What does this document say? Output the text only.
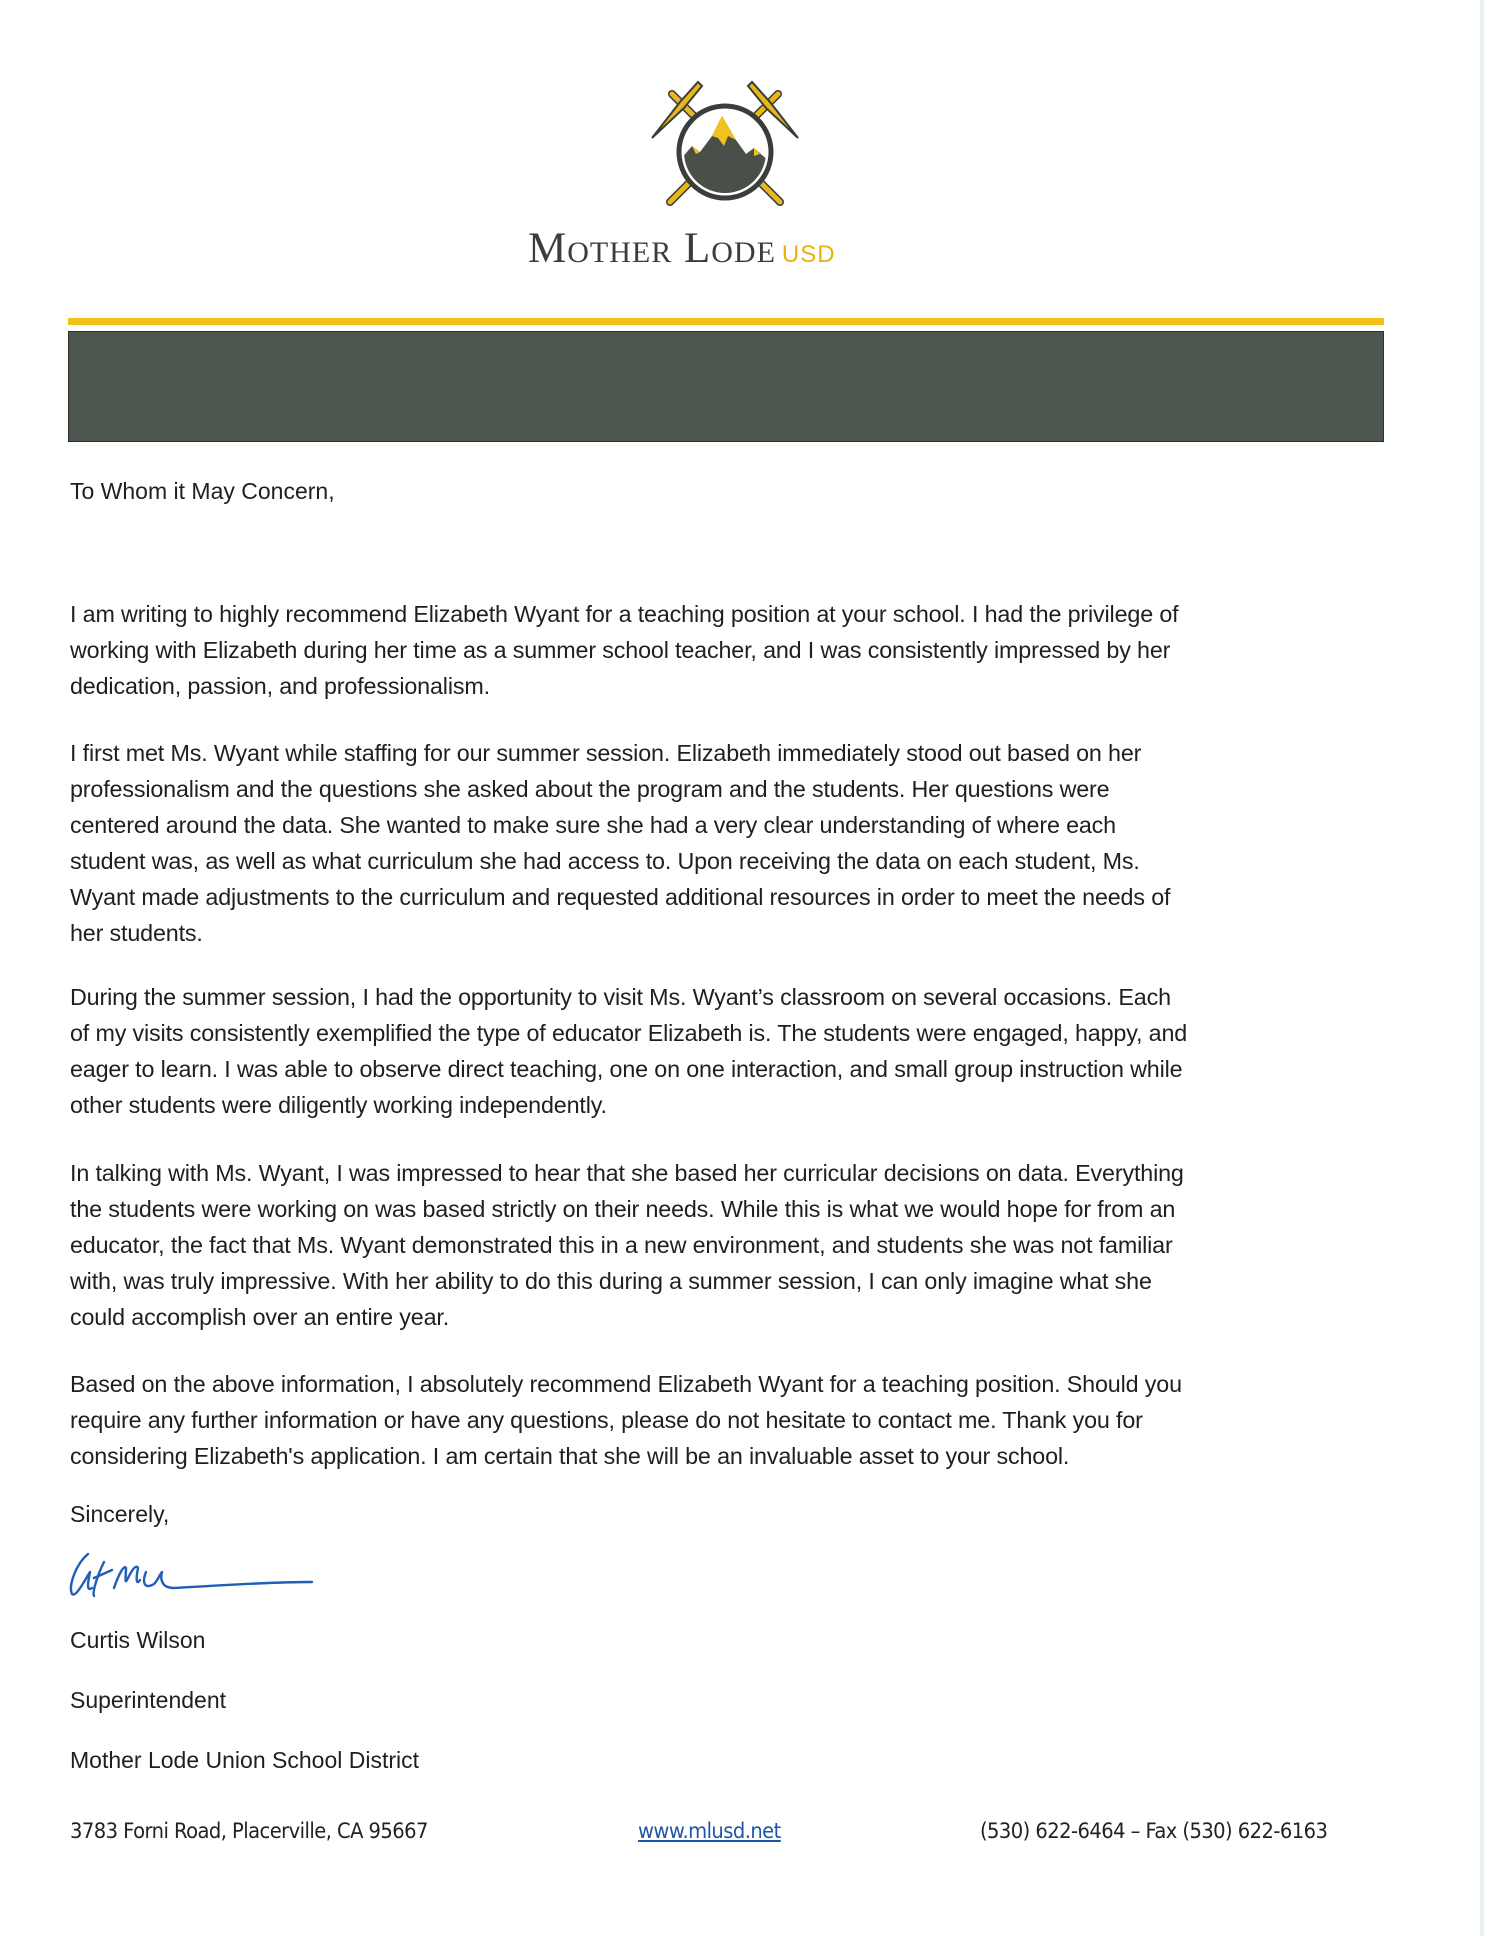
Mother Lode USD

To Whom it May Concern,

I am writing to highly recommend Elizabeth Wyant for a teaching position at your school. I had the privilege of
working with Elizabeth during her time as a summer school teacher, and I was consistently impressed by her
dedication, passion, and professionalism.

I first met Ms. Wyant while staffing for our summer session. Elizabeth immediately stood out based on her
professionalism and the questions she asked about the program and the students. Her questions were
centered around the data. She wanted to make sure she had a very clear understanding of where each
student was, as well as what curriculum she had access to. Upon receiving the data on each student, Ms.
Wyant made adjustments to the curriculum and requested additional resources in order to meet the needs of
her students.

During the summer session, I had the opportunity to visit Ms. Wyant’s classroom on several occasions. Each
of my visits consistently exemplified the type of educator Elizabeth is. The students were engaged, happy, and
eager to learn. I was able to observe direct teaching, one on one interaction, and small group instruction while
other students were diligently working independently.

In talking with Ms. Wyant, I was impressed to hear that she based her curricular decisions on data. Everything
the students were working on was based strictly on their needs. While this is what we would hope for from an
educator, the fact that Ms. Wyant demonstrated this in a new environment, and students she was not familiar
with, was truly impressive. With her ability to do this during a summer session, I can only imagine what she
could accomplish over an entire year.

Based on the above information, I absolutely recommend Elizabeth Wyant for a teaching position. Should you
require any further information or have any questions, please do not hesitate to contact me. Thank you for
considering Elizabeth's application. I am certain that she will be an invaluable asset to your school.

Sincerely,

Curtis Wilson

Superintendent

Mother Lode Union School District

3783 Forni Road, Placerville, CA 95667	www.mlusd.net	(530) 622-6464 – Fax (530) 622-6163
